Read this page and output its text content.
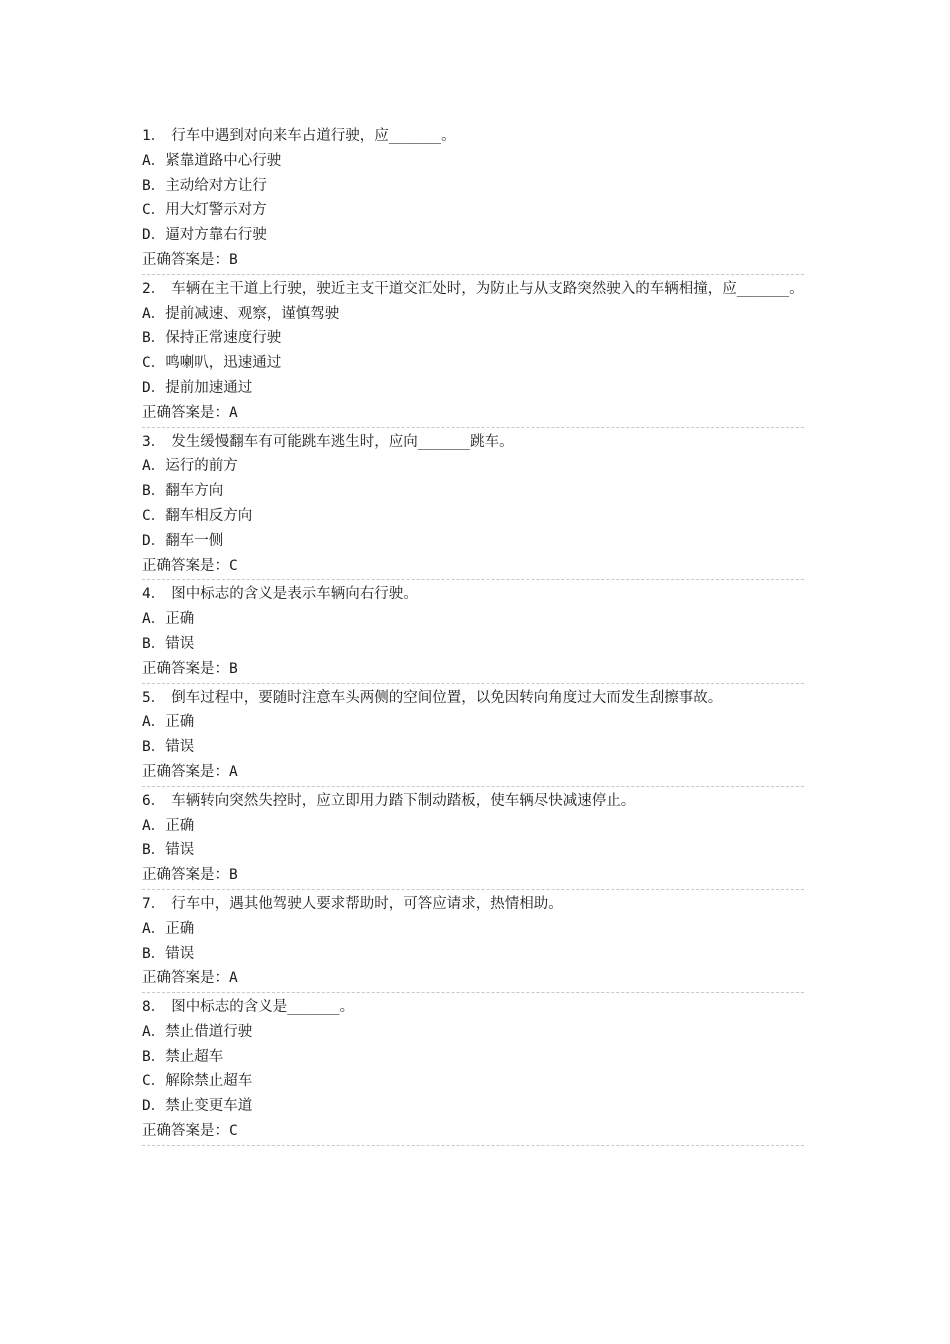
1． 行车中遇到对向来车占道行驶，应______。
A．紧靠道路中心行驶
B．主动给对方让行
C．用大灯警示对方
D．逼对方靠右行驶
正确答案是：B
2． 车辆在主干道上行驶，驶近主支干道交汇处时，为防止与从支路突然驶入的车辆相撞，应______。
A．提前减速、观察，谨慎驾驶
B．保持正常速度行驶
C．鸣喇叭，迅速通过
D．提前加速通过
正确答案是：A
3． 发生缓慢翻车有可能跳车逃生时，应向______跳车。
A．运行的前方
B．翻车方向
C．翻车相反方向
D．翻车一侧
正确答案是：C
4． 图中标志的含义是表示车辆向右行驶。
A．正确
B．错误
正确答案是：B
5． 倒车过程中，要随时注意车头两侧的空间位置，以免因转向角度过大而发生刮擦事故。
A．正确
B．错误
正确答案是：A
6． 车辆转向突然失控时，应立即用力踏下制动踏板，使车辆尽快减速停止。
A．正确
B．错误
正确答案是：B
7． 行车中，遇其他驾驶人要求帮助时，可答应请求，热情相助。
A．正确
B．错误
正确答案是：A
8． 图中标志的含义是______。
A．禁止借道行驶
B．禁止超车
C．解除禁止超车
D．禁止变更车道
正确答案是：C
